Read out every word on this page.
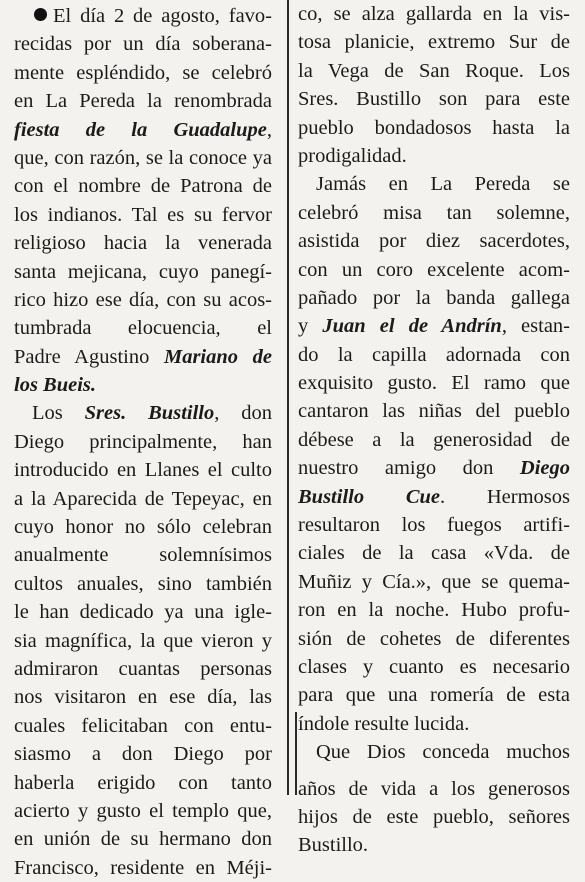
El día 2 de agosto, favo-
recidas por un día soberana-
mente espléndido, se celebró
en La Pereda la renombrada
fiesta de la Guadalupe,
que, con razón, se la conoce ya
con el nombre de Patrona de
los indianos. Tal es su fervor
religioso hacia la venerada
santa mejicana, cuyo panegí-
rico hizo ese día, con su acos-
tumbrada elocuencia, el
Padre Agustino Mariano de
los Bueis.
Los Sres. Bustillo, don
Diego principalmente, han
introducido en Llanes el culto
a la Aparecida de Tepeyac, en
cuyo honor no sólo celebran
anualmente solemnísimos
cultos anuales, sino también
le han dedicado ya una igle-
sia magnífica, la que vieron y
admiraron cuantas personas
nos visitaron en ese día, las
cuales felicitaban con entu-
siasmo a don Diego por
haberla erigido con tanto
acierto y gusto el templo que,
en unión de su hermano don
Francisco, residente en Méji-
co, se alza gallarda en la vis-
tosa planicie, extremo Sur de
la Vega de San Roque. Los
Sres. Bustillo son para este
pueblo bondadosos hasta la
prodigalidad.
Jamás en La Pereda se
celebró misa tan solemne,
asistida por diez sacerdotes,
con un coro excelente acom-
pañado por la banda gallega
y Juan el de Andrín, estan-
do la capilla adornada con
exquisito gusto. El ramo que
cantaron las niñas del pueblo
débese a la generosidad de
nuestro amigo don Diego
Bustillo Cue. Hermosos
resultaron los fuegos artifi-
ciales de la casa «Vda. de
Muñiz y Cía.», que se quema-
ron en la noche. Hubo profu-
sión de cohetes de diferentes
clases y cuanto es necesario
para que una romería de esta
índole resulte lucida.
Que Dios conceda muchos
años de vida a los generosos
hijos de este pueblo, señores
Bustillo.
